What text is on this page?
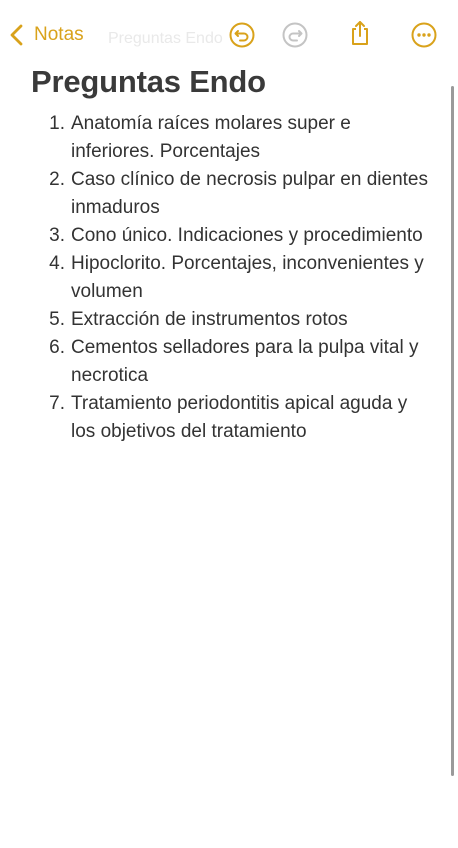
Notas Preguntas Endo
Preguntas Endo
1. Anatomía raíces molares super e inferiores. Porcentajes
2. Caso clínico de necrosis pulpar en dientes inmaduros
3. Cono único. Indicaciones y procedimiento
4. Hipoclorito. Porcentajes, inconvenientes y volumen
5. Extracción de instrumentos rotos
6. Cementos selladores para la pulpa vital y necrotica
7. Tratamiento periodontitis apical aguda y los objetivos del tratamiento
